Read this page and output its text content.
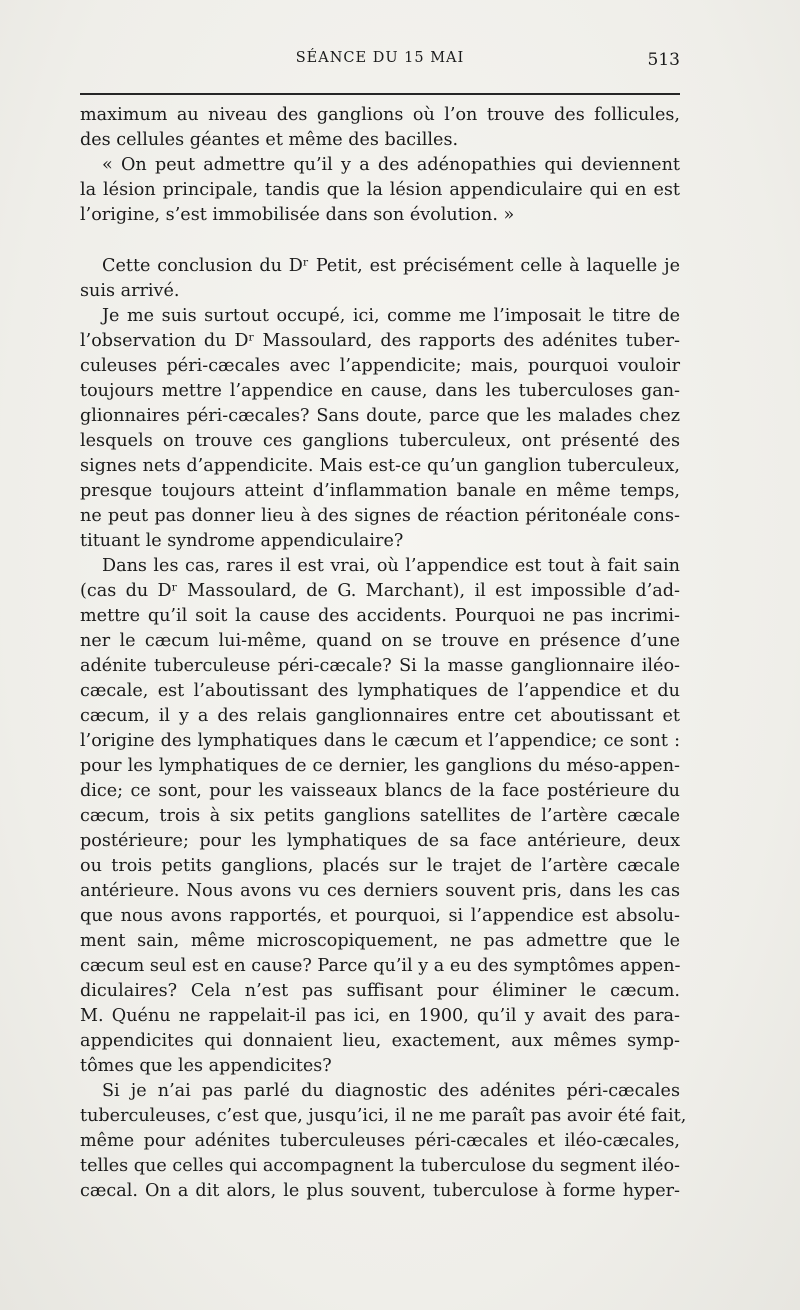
SÉANCE DU 15 MAI	513
maximum au niveau des ganglions où l’on trouve des follicules,
des cellules géantes et même des bacilles.
« On peut admettre qu’il y a des adénopathies qui deviennent
la lésion principale, tandis que la lésion appendiculaire qui en est
l’origine, s’est immobilisée dans son évolution. »
Cette conclusion du Dʳ Petit, est précisément celle à laquelle je
suis arrivé.
Je me suis surtout occupé, ici, comme me l’imposait le titre de
l’observation du Dʳ Massoulard, des rapports des adénites tuber-
culeuses péri-cæcales avec l’appendicite; mais, pourquoi vouloir
toujours mettre l’appendice en cause, dans les tuberculoses gan-
glionnaires péri-cæcales? Sans doute, parce que les malades chez
lesquels on trouve ces ganglions tuberculeux, ont présenté des
signes nets d’appendicite. Mais est-ce qu’un ganglion tuberculeux,
presque toujours atteint d’inflammation banale en même temps,
ne peut pas donner lieu à des signes de réaction péritonéale cons-
tituant le syndrome appendiculaire?
Dans les cas, rares il est vrai, où l’appendice est tout à fait sain
(cas du Dʳ Massoulard, de G. Marchant), il est impossible d’ad-
mettre qu’il soit la cause des accidents. Pourquoi ne pas incrimi-
ner le cæcum lui-même, quand on se trouve en présence d’une
adénite tuberculeuse péri-cæcale? Si la masse ganglionnaire iléo-
cæcale, est l’aboutissant des lymphatiques de l’appendice et du
cæcum, il y a des relais ganglionnaires entre cet aboutissant et
l’origine des lymphatiques dans le cæcum et l’appendice; ce sont :
pour les lymphatiques de ce dernier, les ganglions du méso-appen-
dice; ce sont, pour les vaisseaux blancs de la face postérieure du
cæcum, trois à six petits ganglions satellites de l’artère cæcale
postérieure; pour les lymphatiques de sa face antérieure, deux
ou trois petits ganglions, placés sur le trajet de l’artère cæcale
antérieure. Nous avons vu ces derniers souvent pris, dans les cas
que nous avons rapportés, et pourquoi, si l’appendice est absolu-
ment sain, même microscopiquement, ne pas admettre que le
cæcum seul est en cause? Parce qu’il y a eu des symptômes appen-
diculaires? Cela n’est pas suffisant pour éliminer le cæcum.
M. Quénu ne rappelait-il pas ici, en 1900, qu’il y avait des para-
appendicites qui donnaient lieu, exactement, aux mêmes symp-
tômes que les appendicites?
Si je n’ai pas parlé du diagnostic des adénites péri-cæcales
tuberculeuses, c’est que, jusqu’ici, il ne me paraît pas avoir été fait,
même pour adénites tuberculeuses péri-cæcales et iléo-cæcales,
telles que celles qui accompagnent la tuberculose du segment iléo-
cæcal. On a dit alors, le plus souvent, tuberculose à forme hyper-
